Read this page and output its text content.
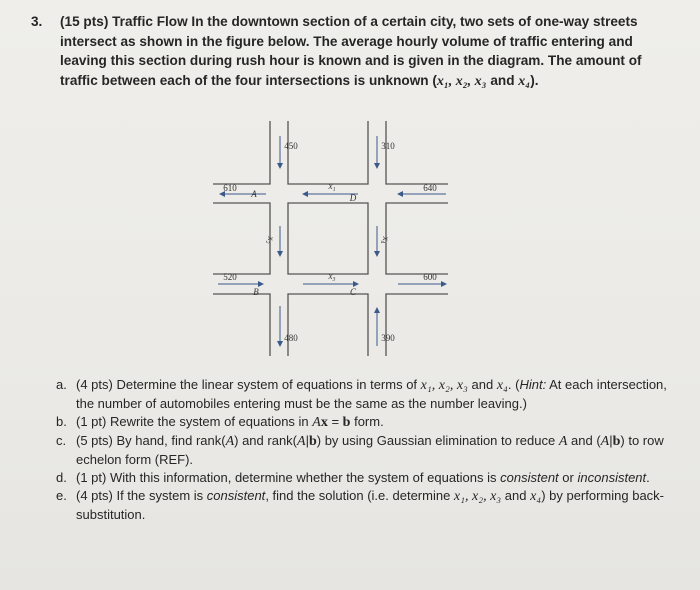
3. (15 pts) Traffic Flow In the downtown section of a certain city, two sets of one-way streets intersect as shown in the figure below. The average hourly volume of traffic entering and leaving this section during rush hour is known and is given in the diagram. The amount of traffic between each of the four intersections is unknown (x₁, x₂, x₃ and x₄).
450	310
610	640
520	600
480	390
A	D
B	C
x₁
x₂
x₃
x₄
a. (4 pts) Determine the linear system of equations in terms of x₁, x₂, x₃ and x₄. (Hint: At each intersection, the number of automobiles entering must be the same as the number leaving.)
b. (1 pt) Rewrite the system of equations in Ax = b form.
c. (5 pts) By hand, find rank(A) and rank(A|b) by using Gaussian elimination to reduce A and (A|b) to row echelon form (REF).
d. (1 pt) With this information, determine whether the system of equations is consistent or inconsistent.
e. (4 pts) If the system is consistent, find the solution (i.e. determine x₁, x₂, x₃ and x₄) by performing back-substitution.
